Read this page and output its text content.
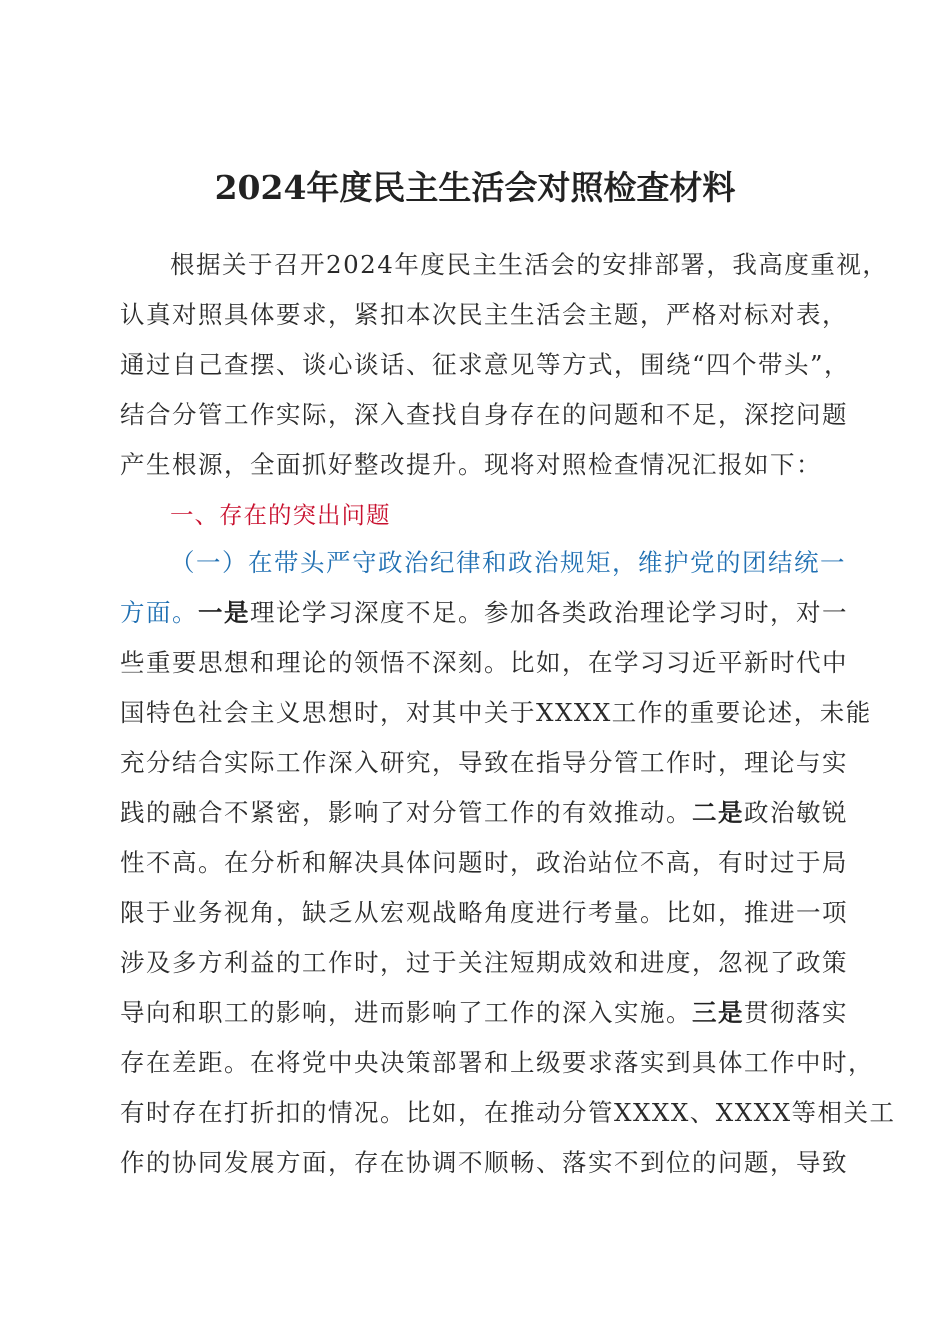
2024年度民主生活会对照检查材料

根据关于召开2024年度民主生活会的安排部署，我高度重视，

认真对照具体要求，紧扣本次民主生活会主题，严格对标对表，

通过自己查摆、谈心谈话、征求意见等方式，围绕“四个带头”，

结合分管工作实际，深入查找自身存在的问题和不足，深挖问题

产生根源，全面抓好整改提升。现将对照检查情况汇报如下：

一、存在的突出问题

（一）在带头严守政治纪律和政治规矩，维护党的团结统一

方面。一是理论学习深度不足。参加各类政治理论学习时，对一

些重要思想和理论的领悟不深刻。比如，在学习习近平新时代中

国特色社会主义思想时，对其中关于XXXX工作的重要论述，未能

充分结合实际工作深入研究，导致在指导分管工作时，理论与实

践的融合不紧密，影响了对分管工作的有效推动。二是政治敏锐

性不高。在分析和解决具体问题时，政治站位不高，有时过于局

限于业务视角，缺乏从宏观战略角度进行考量。比如，推进一项

涉及多方利益的工作时，过于关注短期成效和进度，忽视了政策

导向和职工的影响，进而影响了工作的深入实施。三是贯彻落实

存在差距。在将党中央决策部署和上级要求落实到具体工作中时，

有时存在打折扣的情况。比如，在推动分管XXXX、XXXX等相关工

作的协同发展方面，存在协调不顺畅、落实不到位的问题，导致
